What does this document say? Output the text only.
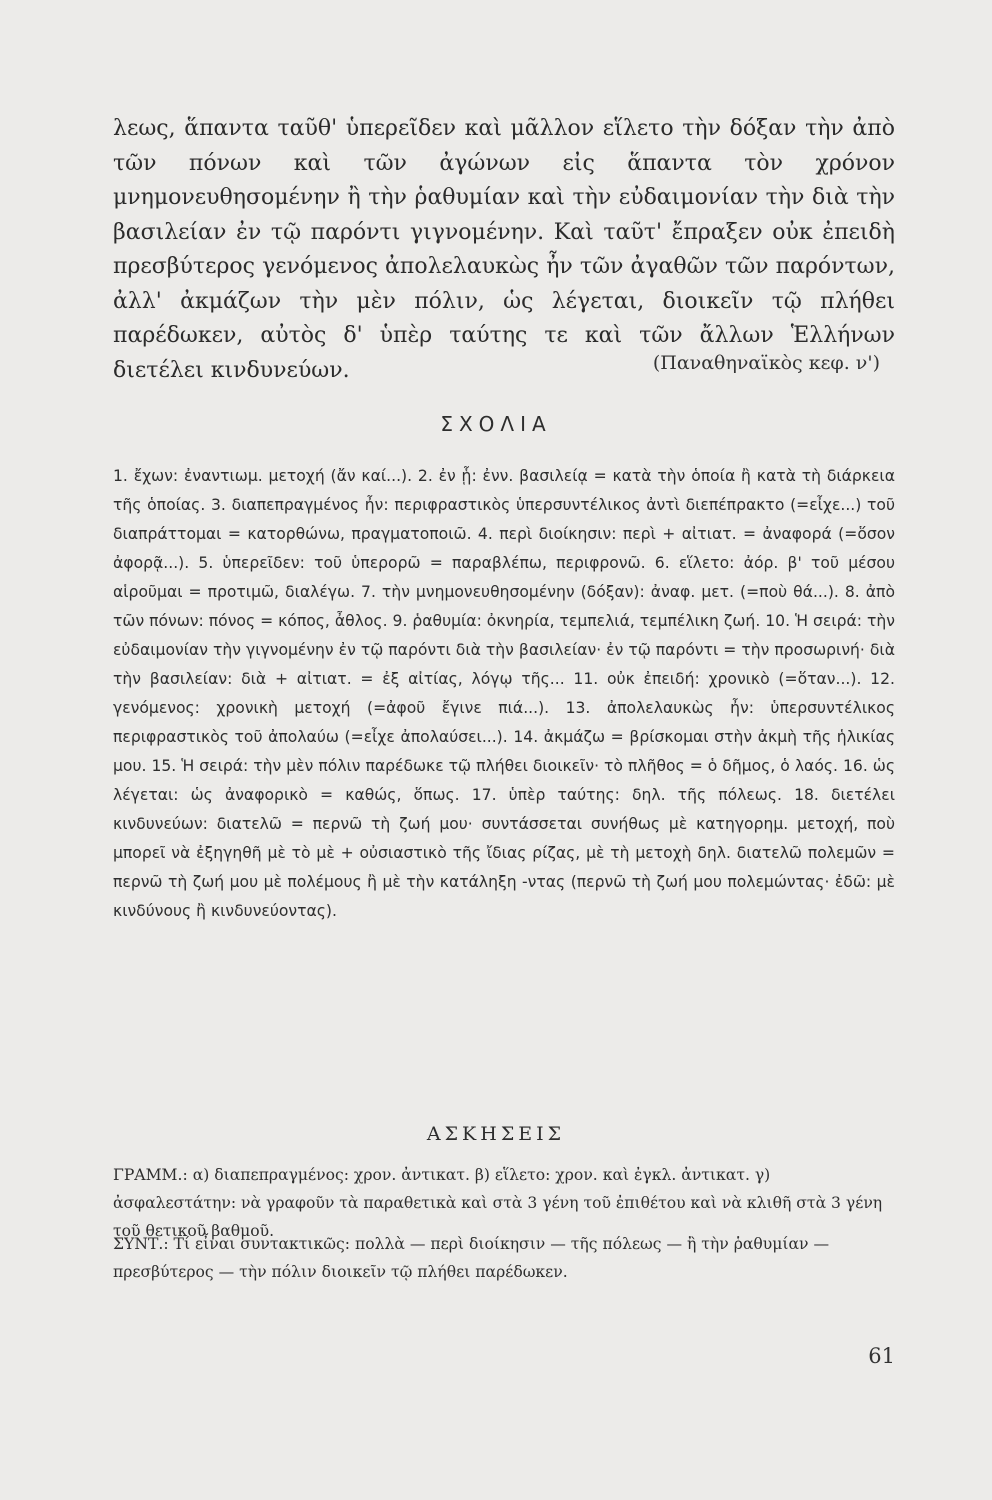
λεως, ἅπαντα ταῦθ' ὑπερεῖδεν καὶ μᾶλλον εἵλετο τὴν δόξαν τὴν ἀπὸ τῶν πόνων καὶ τῶν ἀγώνων εἰς ἅπαντα τὸν χρόνον μνημονευθησομένην ἢ τὴν ῥαθυμίαν καὶ τὴν εὐδαιμονίαν τὴν διὰ τὴν βασιλείαν ἐν τῷ παρόντι γιγνομένην. Καὶ ταῦτ' ἔπραξεν οὐκ ἐπειδὴ πρεσβύτερος γενόμενος ἀπολελαυκὼς ἦν τῶν ἀγαθῶν τῶν παρόντων, ἀλλ' ἀκμάζων τὴν μὲν πόλιν, ὡς λέγεται, διοικεῖν τῷ πλήθει παρέδωκεν, αὐτὸς δ' ὑπὲρ ταύτης τε καὶ τῶν ἄλλων Ἑλλήνων διετέλει κινδυνεύων.	(Παναθηναϊκὸς κεφ. ν')
ΣΧΟΛΙΑ

1. ἔχων: ἐναντιωμ. μετοχή (ἄν καί...). 2. ἐν ᾗ: ἐνν. βασιλείᾳ = κατὰ τὴν ὁποία ἢ κατὰ τὴ διάρκεια τῆς ὁποίας. 3. διαπεπραγμένος ἦν: περιφραστικὸς ὑπερσυντέλικος ἀντὶ διεπέπρακτο (=εἶχε...) τοῦ διαπράττομαι = κατορθώνω, πραγματοποιῶ. 4. περὶ διοίκησιν: περὶ + αἰτιατ. = ἀναφορά (=ὅσον ἀφορᾷ...). 5. ὑπερεῖδεν: τοῦ ὑπερορῶ = παραβλέπω, περιφρονῶ. 6. εἵλετο: ἀόρ. β' τοῦ μέσου αἱροῦμαι = προτιμῶ, διαλέγω. 7. τὴν μνημονευθησομένην (δόξαν): ἀναφ. μετ. (=ποὺ θά...). 8. ἀπὸ τῶν πόνων: πόνος = κόπος, ἆθλος. 9. ῥαθυμία: ὀκνηρία, τεμπελιά, τεμπέλικη ζωή. 10. Ἡ σειρά: τὴν εὐδαιμονίαν τὴν γιγνομένην ἐν τῷ παρόντι διὰ τὴν βασιλείαν· ἐν τῷ παρόντι = τὴν προσωρινή· διὰ τὴν βασιλείαν: διὰ + αἰτιατ. = ἐξ αἰτίας, λόγῳ τῆς... 11. οὐκ ἐπειδή: χρονικὸ (=ὅταν...). 12. γενόμενος: χρονικὴ μετοχή (=ἀφοῦ ἔγινε πιά...). 13. ἀπολελαυκὼς ἦν: ὑπερσυντέλικος περιφραστικὸς τοῦ ἀπολαύω (=εἶχε ἀπολαύσει...). 14. ἀκμάζω = βρίσκομαι στὴν ἀκμὴ τῆς ἡλικίας μου. 15. Ἡ σειρά: τὴν μὲν πόλιν παρέδωκε τῷ πλήθει διοικεῖν· τὸ πλῆθος = ὁ δῆμος, ὁ λαός. 16. ὡς λέγεται: ὡς ἀναφορικὸ = καθώς, ὅπως. 17. ὑπὲρ ταύτης: δηλ. τῆς πόλεως. 18. διετέλει κινδυνεύων: διατελῶ = περνῶ τὴ ζωή μου· συντάσσεται συνήθως μὲ κατηγορημ. μετοχή, ποὺ μπορεῖ νὰ ἐξηγηθῆ μὲ τὸ μὲ + οὐσιαστικὸ τῆς ἴδιας ρίζας, μὲ τὴ μετοχὴ δηλ. διατελῶ πολεμῶν = περνῶ τὴ ζωή μου μὲ πολέμους ἢ μὲ τὴν κατάληξη -ντας (περνῶ τὴ ζωή μου πολεμώντας· ἐδῶ: μὲ κινδύνους ἢ κινδυνεύοντας).

ΑΣΚΗΣΕΙΣ

ΓΡΑΜΜ.: α) διαπεπραγμένος: χρον. ἀντικατ. β) εἵλετο: χρον. καὶ ἐγκλ. ἀντικατ. γ) ἀσφαλεστάτην: νὰ γραφοῦν τὰ παραθετικὰ καὶ στὰ 3 γένη τοῦ ἐπιθέτου καὶ νὰ κλιθῆ στὰ 3 γένη τοῦ θετικοῦ βαθμοῦ.

ΣΥΝΤ.: Τί εἶναι συντακτικῶς: πολλὰ — περὶ διοίκησιν — τῆς πόλεως — ἢ τὴν ῥαθυμίαν — πρεσβύτερος — τὴν πόλιν διοικεῖν τῷ πλήθει παρέδωκεν.

61
